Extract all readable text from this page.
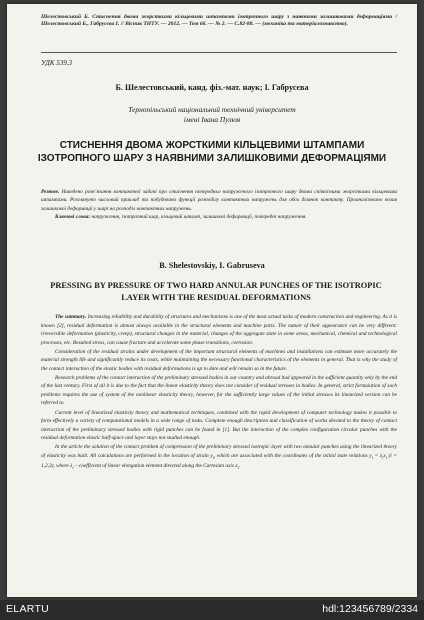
Шелестовський Б. Стиснення двома жорсткими кільцевими штампами ізотропного шару з наявними залишковими деформаціями / Шелестовський Б., Габрусєва І. // Вісник ТНТУ. — 2012. — Том 66. — № 2. — С.82-88. — (механіка та матеріалознавство).
УДК 539.3
Б. Шелестовський, канд. фіз.-мат. наук; І. Габрусєва
Тернопільський національний технічний університет
імені Івана Пулюя
СТИСНЕННЯ ДВОМА ЖОРСТКИМИ КІЛЬЦЕВИМИ ШТАМПАМИ ІЗОТРОПНОГО ШАРУ З НАЯВНИМИ ЗАЛИШКОВИМИ ДЕФОРМАЦІЯМИ
Резюме. Наведено розв’язання контактної задачі про стиснення попередньо напруженого ізотропного шару двома співвісними жорсткими кільцевими штампами. Розглянуто числовий приклад та побудовано функції розподілу контактних напружень для обох ділянок контакту. Проаналізовано вплив залишкової деформації у шарі на розподіл контактних напружень.
Ключові слова: напруження, ізотропний шар, кільцевий штамп, залишкові деформації, попередні напруження.
B. Shelestovskiy, I. Gabruseva
PRESSING BY PRESSURE OF TWO HARD ANNULAR PUNCHES OF THE ISOTROPIC LAYER WITH THE RESIDUAL DEFORMATIONS

The summary. Increasing reliability and durability of structures and mechanisms is one of the most actual tasks of modern construction and engineering. As it is known [2], residual deformation is almost always available in the structural elements and machine parts. The nature of their appearance can be very different: irreversible deformation (plasticity, creep), structural changes in the material, changes of the aggregate state in some areas, mechanical, chemical and technological processes, etc. Resulted stress, can cause fracture and accelerate some phase transitions, corrosion.

Consideration of the residual strains under development of the important structural elements of machines and installations can estimate more accurately the material strength life and significantly reduce its costs, while maintaining the necessary functional characteristics of the elements in general. That is why the study of the contact interaction of the elastic bodies with residual deformations is up to date and will remain so in the future.

Research problems of the contact interaction of the preliminary stressed bodies in our country and abroad had appeared in the sufficient quantity only by the end of the last century. First of all it is due to the fact that the linear elasticity theory does not consider of residual stresses in bodies. In general, strict formulation of such problems requires the use of system of the nonlinear elasticity theory, however, for the sufficiently large values of the initial stresses its linearized version can be referred to.

Current level of linearized elasticity theory and mathematical techniques, combined with the rapid development of computer technology makes it possible to form effectively a variety of computational models in a wide range of tasks. Complete enough description and classification of works devoted to the theory of contact interaction of the preliminary stressed bodies with rigid punches can be found in [1]. But the interaction of the complex configuration circular punches with the residual deformation elastic half-space and layer stays not studied enough.

In the article the solution of the contact problem of compression of the preliminary stressed isotropic layer with two annular punches using the linearized theory of elasticity was built. All calculations are performed in the location of strain $y_i$, which are associated with the coordinates of the initial state relations $y_i = \lambda_ix_i$ (i = 1,2,3), where $\lambda_i$ – coefficient of linear elongation element directed along the Cartesian axis $x_i$.

ELARTU	hdl:123456789/2334
